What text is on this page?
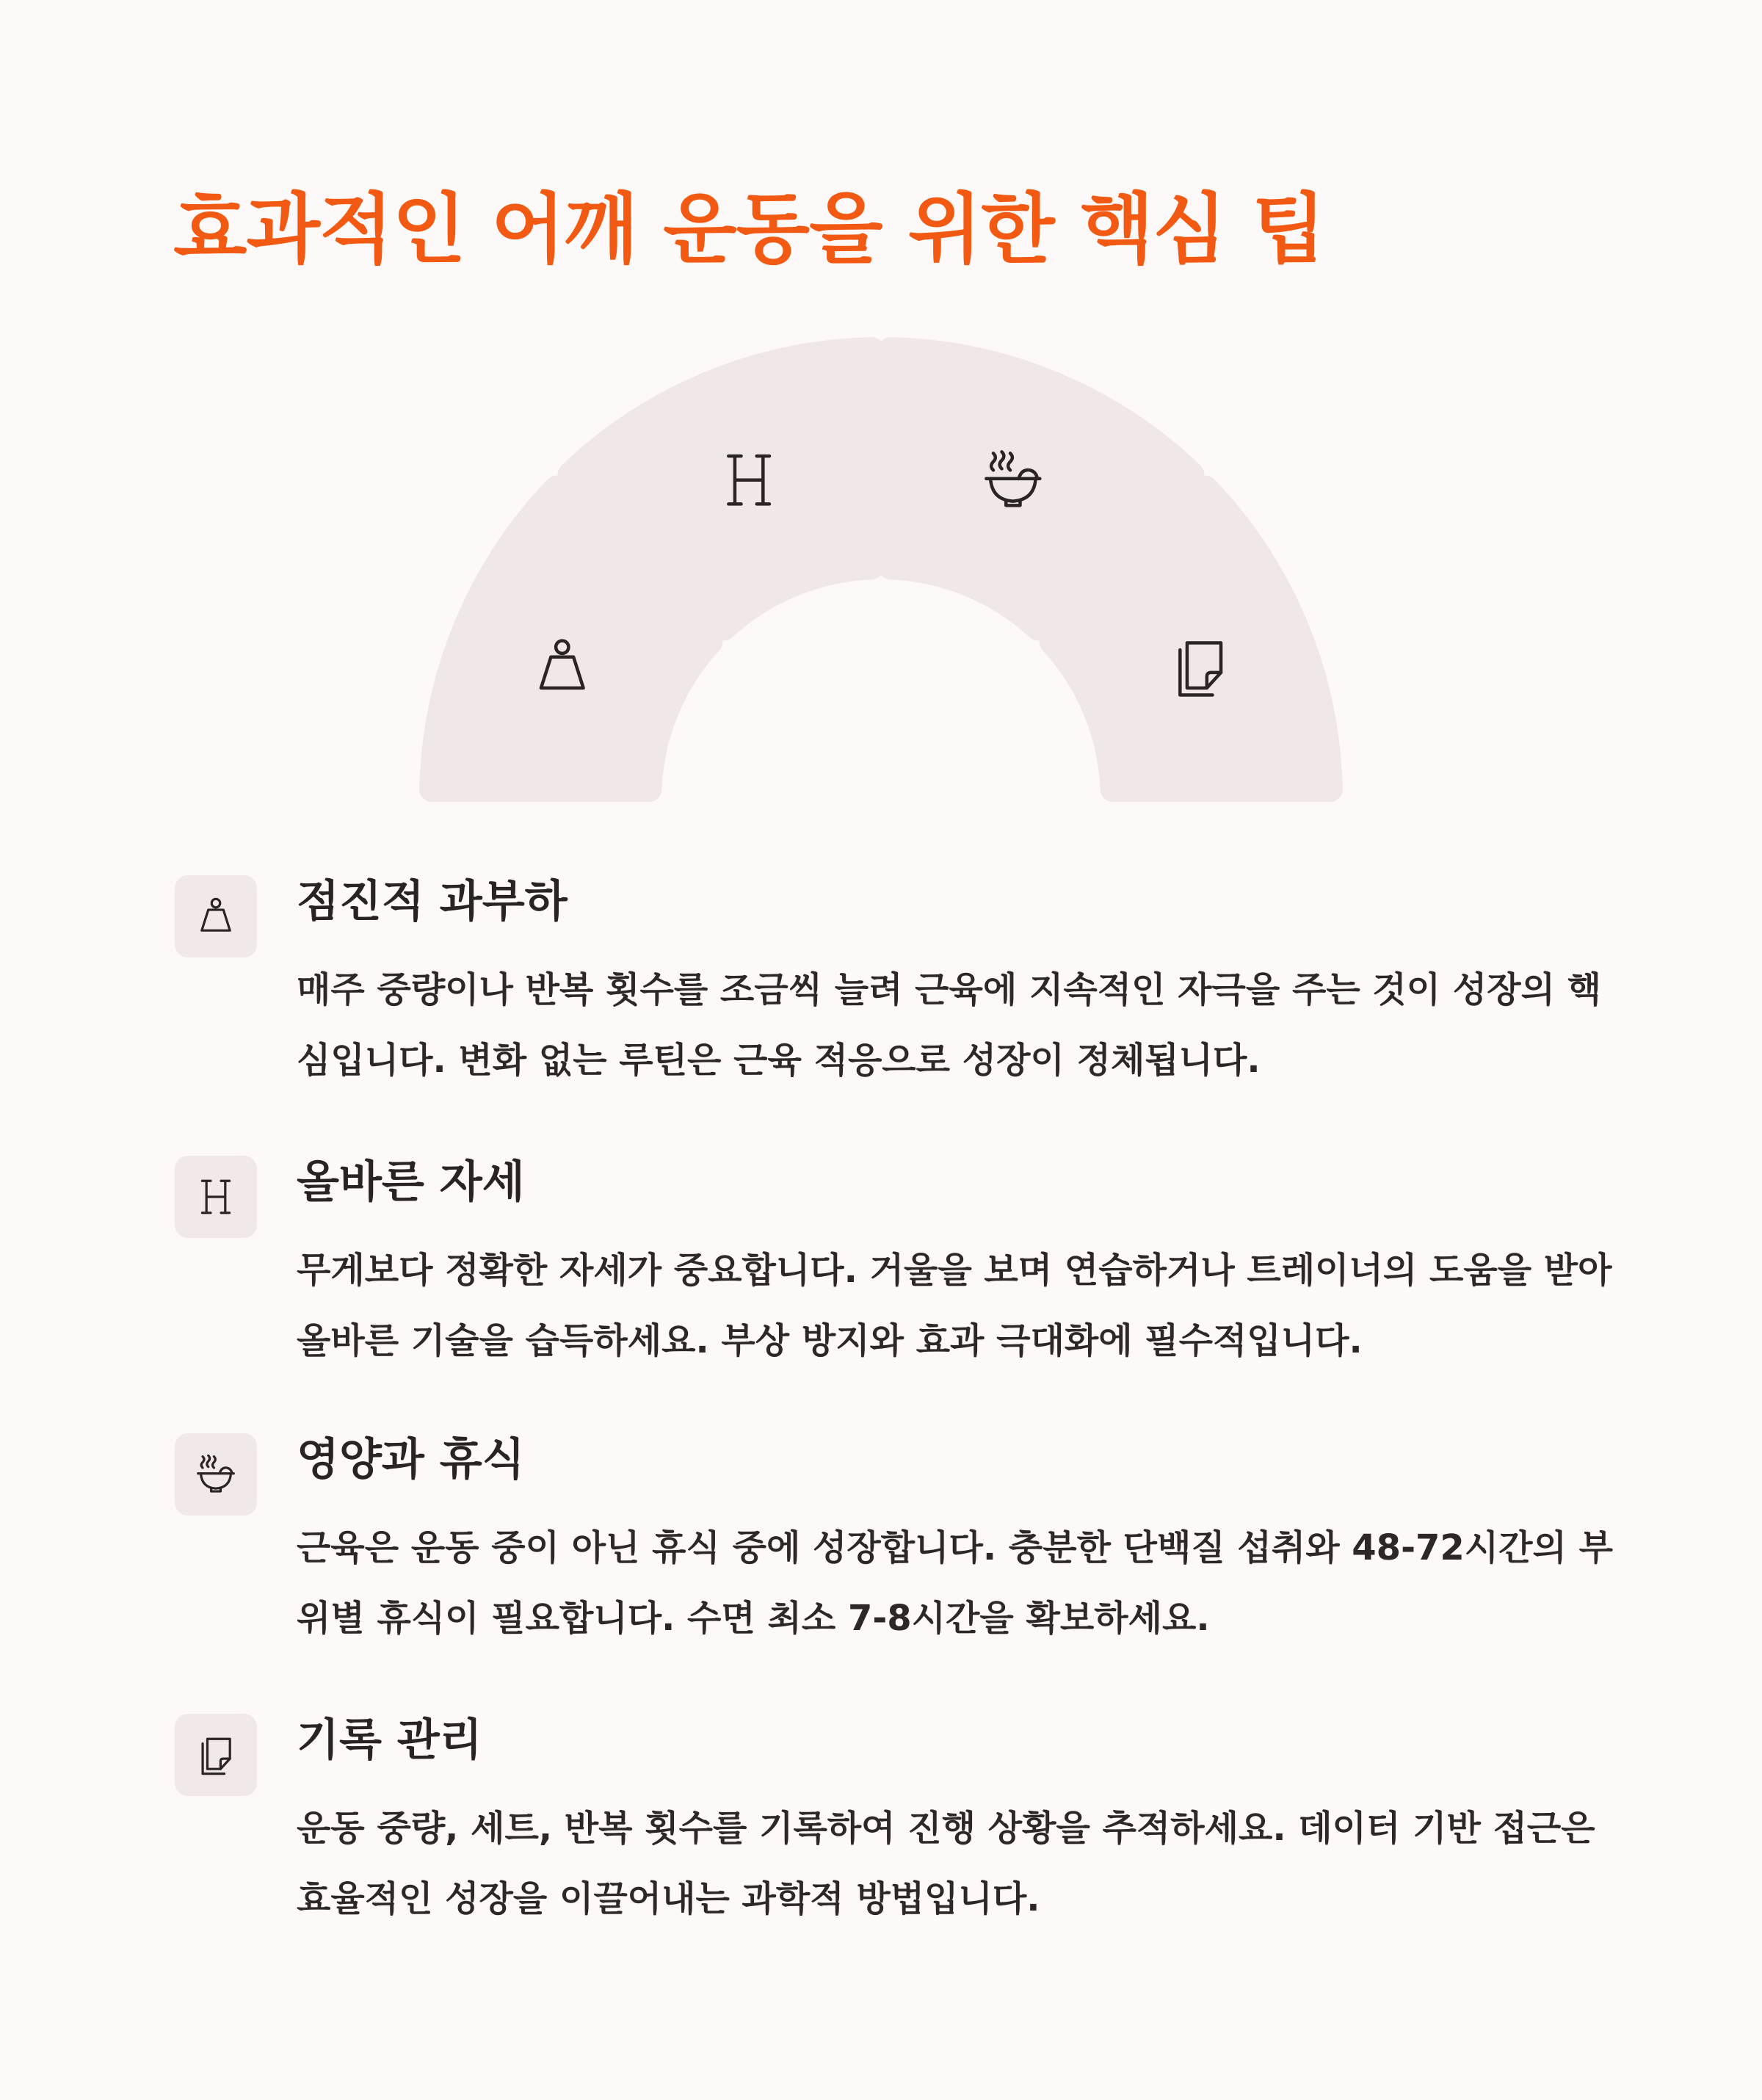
효과적인 어깨 운동을 위한 핵심 팁
점진적 과부하

매주 중량이나 반복 횟수를 조금씩 늘려 근육에 지속적인 자극을 주는 것이 성장의 핵심입니다. 변화 없는 루틴은 근육 적응으로 성장이 정체됩니다.

올바른 자세

무게보다 정확한 자세가 중요합니다. 거울을 보며 연습하거나 트레이너의 도움을 받아 올바른 기술을 습득하세요. 부상 방지와 효과 극대화에 필수적입니다.

영양과 휴식

근육은 운동 중이 아닌 휴식 중에 성장합니다. 충분한 단백질 섭취와 48-72시간의 부위별 휴식이 필요합니다. 수면 최소 7-8시간을 확보하세요.

기록 관리

운동 중량, 세트, 반복 횟수를 기록하여 진행 상황을 추적하세요. 데이터 기반 접근은 효율적인 성장을 이끌어내는 과학적 방법입니다.
